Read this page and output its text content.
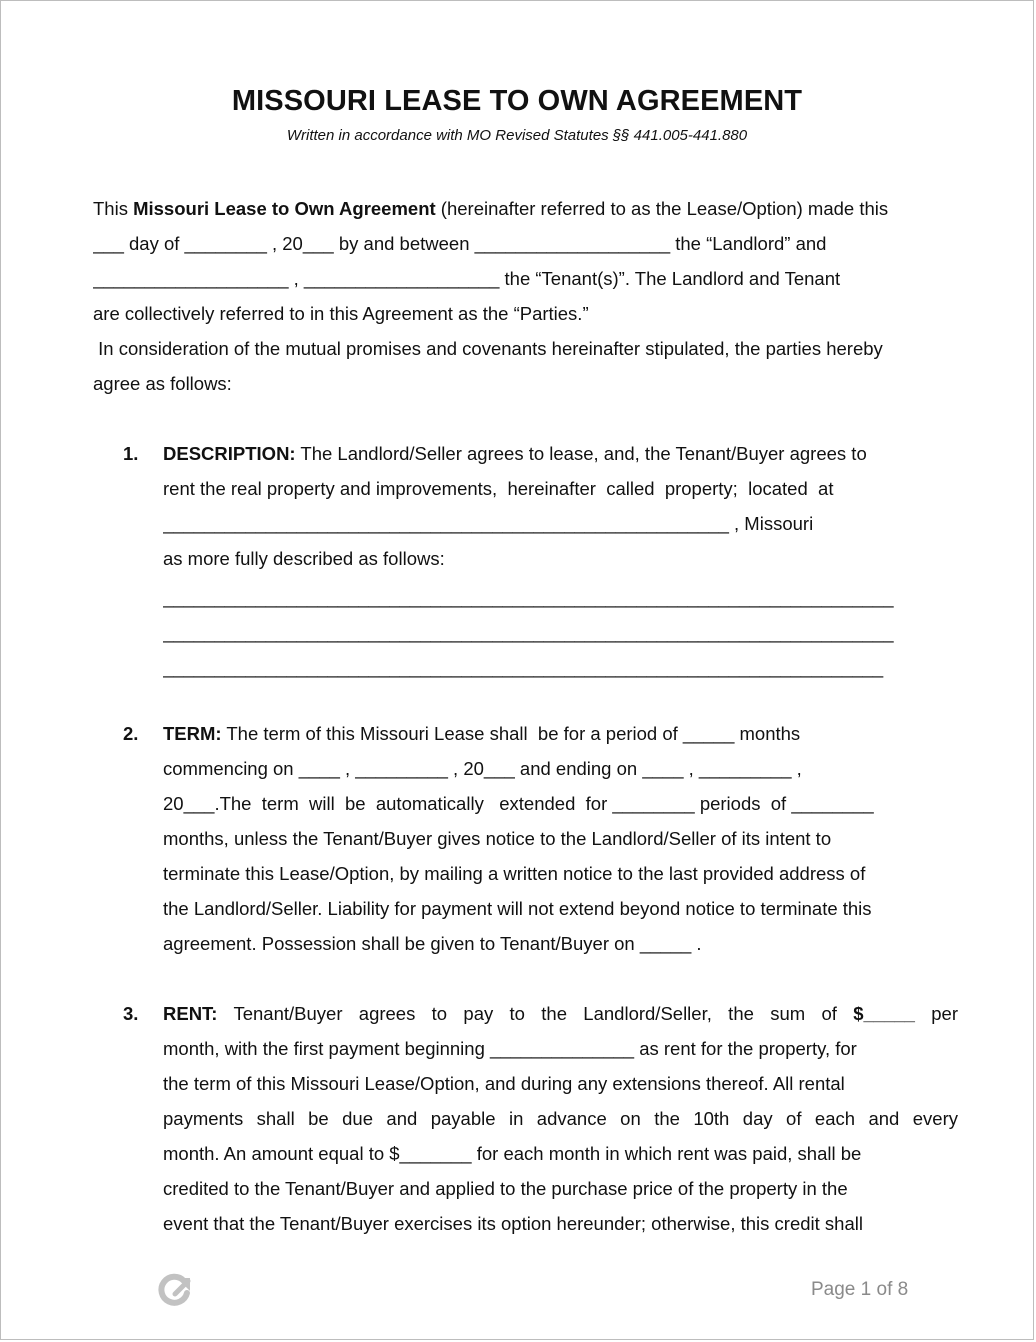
MISSOURI LEASE TO OWN AGREEMENT
Written in accordance with MO Revised Statutes §§ 441.005-441.880

This Missouri Lease to Own Agreement (hereinafter referred to as the Lease/Option) made this

___ day of ________ , 20___ by and between ___________________ the “Landlord” and

___________________ , ___________________ the “Tenant(s)”. The Landlord and Tenant

are collectively referred to in this Agreement as the “Parties.”

In consideration of the mutual promises and covenants hereinafter stipulated, the parties hereby

agree as follows:

1. DESCRIPTION: The Landlord/Seller agrees to lease, and, the Tenant/Buyer agrees to

rent the real property and improvements,  hereinafter  called  property;  located  at

_______________________________________________________ , Missouri

as more fully described as follows:

_______________________________________________________________________

_______________________________________________________________________

______________________________________________________________________

2. TERM: The term of this Missouri Lease shall  be for a period of _____ months

commencing on ____ , _________ , 20___ and ending on ____ , _________ ,

20___.The  term  will  be  automatically   extended  for ________ periods  of ________

months, unless the Tenant/Buyer gives notice to the Landlord/Seller of its intent to

terminate this Lease/Option, by mailing a written notice to the last provided address of

the Landlord/Seller. Liability for payment will not extend beyond notice to terminate this

agreement. Possession shall be given to Tenant/Buyer on _____ .

3. RENT: Tenant/Buyer agrees to pay to the Landlord/Seller, the sum of $_____ per

month, with the first payment beginning ______________ as rent for the property, for

the term of this Missouri Lease/Option, and during any extensions thereof. All rental

payments shall be due and payable in advance on the 10th day of each and every

month. An amount equal to $_______ for each month in which rent was paid, shall be

credited to the Tenant/Buyer and applied to the purchase price of the property in the

event that the Tenant/Buyer exercises its option hereunder; otherwise, this credit shall

Page 1 of 8
